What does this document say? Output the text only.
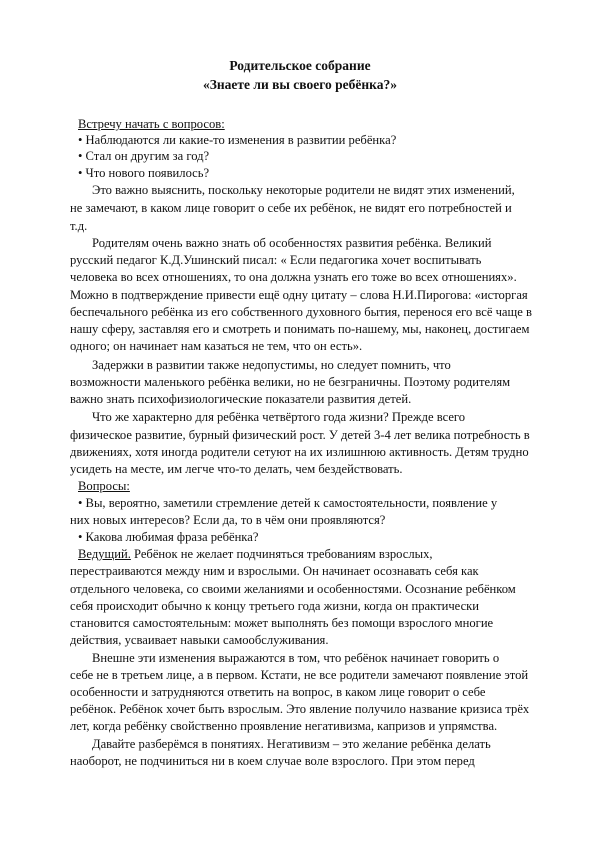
Родительское собрание
«Знаете ли вы своего ребёнка?»
Встречу начать с вопросов:
• Наблюдаются ли какие-то изменения в развитии ребёнка?
• Стал он другим за год?
• Что нового появилось?
Это важно выяснить, поскольку некоторые родители не видят этих изменений,
не замечают, в каком лице говорит о себе их ребёнок, не видят его потребностей и
т.д.
Родителям очень важно знать об особенностях развития ребёнка. Великий
русский педагог К.Д.Ушинский писал: « Если педагогика хочет воспитывать
человека во всех отношениях, то она должна узнать его тоже во всех отношениях».
Можно в подтверждение привести ещё одну цитату – слова Н.И.Пирогова: «исторгая
беспечального ребёнка из его собственного духовного бытия, перенося его всё чаще в
нашу сферу, заставляя его и смотреть и понимать по-нашему, мы, наконец, достигаем
одного; он начинает нам казаться не тем, что он есть».
Задержки в развитии также недопустимы, но следует помнить, что
возможности маленького ребёнка велики, но не безграничны. Поэтому родителям
важно знать психофизиологические показатели развития детей.
Что же характерно для ребёнка четвёртого года жизни? Прежде всего
физическое развитие, бурный физический рост. У детей 3-4 лет велика потребность в
движениях, хотя иногда родители сетуют на их излишнюю активность. Детям трудно
усидеть на месте, им легче что-то делать, чем бездействовать.
Вопросы:
• Вы, вероятно, заметили стремление детей к самостоятельности, появление у
них новых интересов? Если да, то в чём они проявляются?
• Какова любимая фраза ребёнка?
Ведущий. Ребёнок не желает подчиняться требованиям взрослых,
перестраиваются между ним и взрослыми. Он начинает осознавать себя как
отдельного человека, со своими желаниями и особенностями. Осознание ребёнком
себя происходит обычно к концу третьего года жизни, когда он практически
становится самостоятельным: может выполнять без помощи взрослого многие
действия, усваивает навыки самообслуживания.
Внешне эти изменения выражаются в том, что ребёнок начинает говорить о
себе не в третьем лице, а в первом. Кстати, не все родители замечают появление этой
особенности и затрудняются ответить на вопрос, в каком лице говорит о себе
ребёнок. Ребёнок хочет быть взрослым. Это явление получило название кризиса трёх
лет, когда ребёнку свойственно проявление негативизма, капризов и упрямства.
Давайте разберёмся в понятиях. Негативизм – это желание ребёнка делать
наоборот, не подчиниться ни в коем случае воле взрослого. При этом перед
